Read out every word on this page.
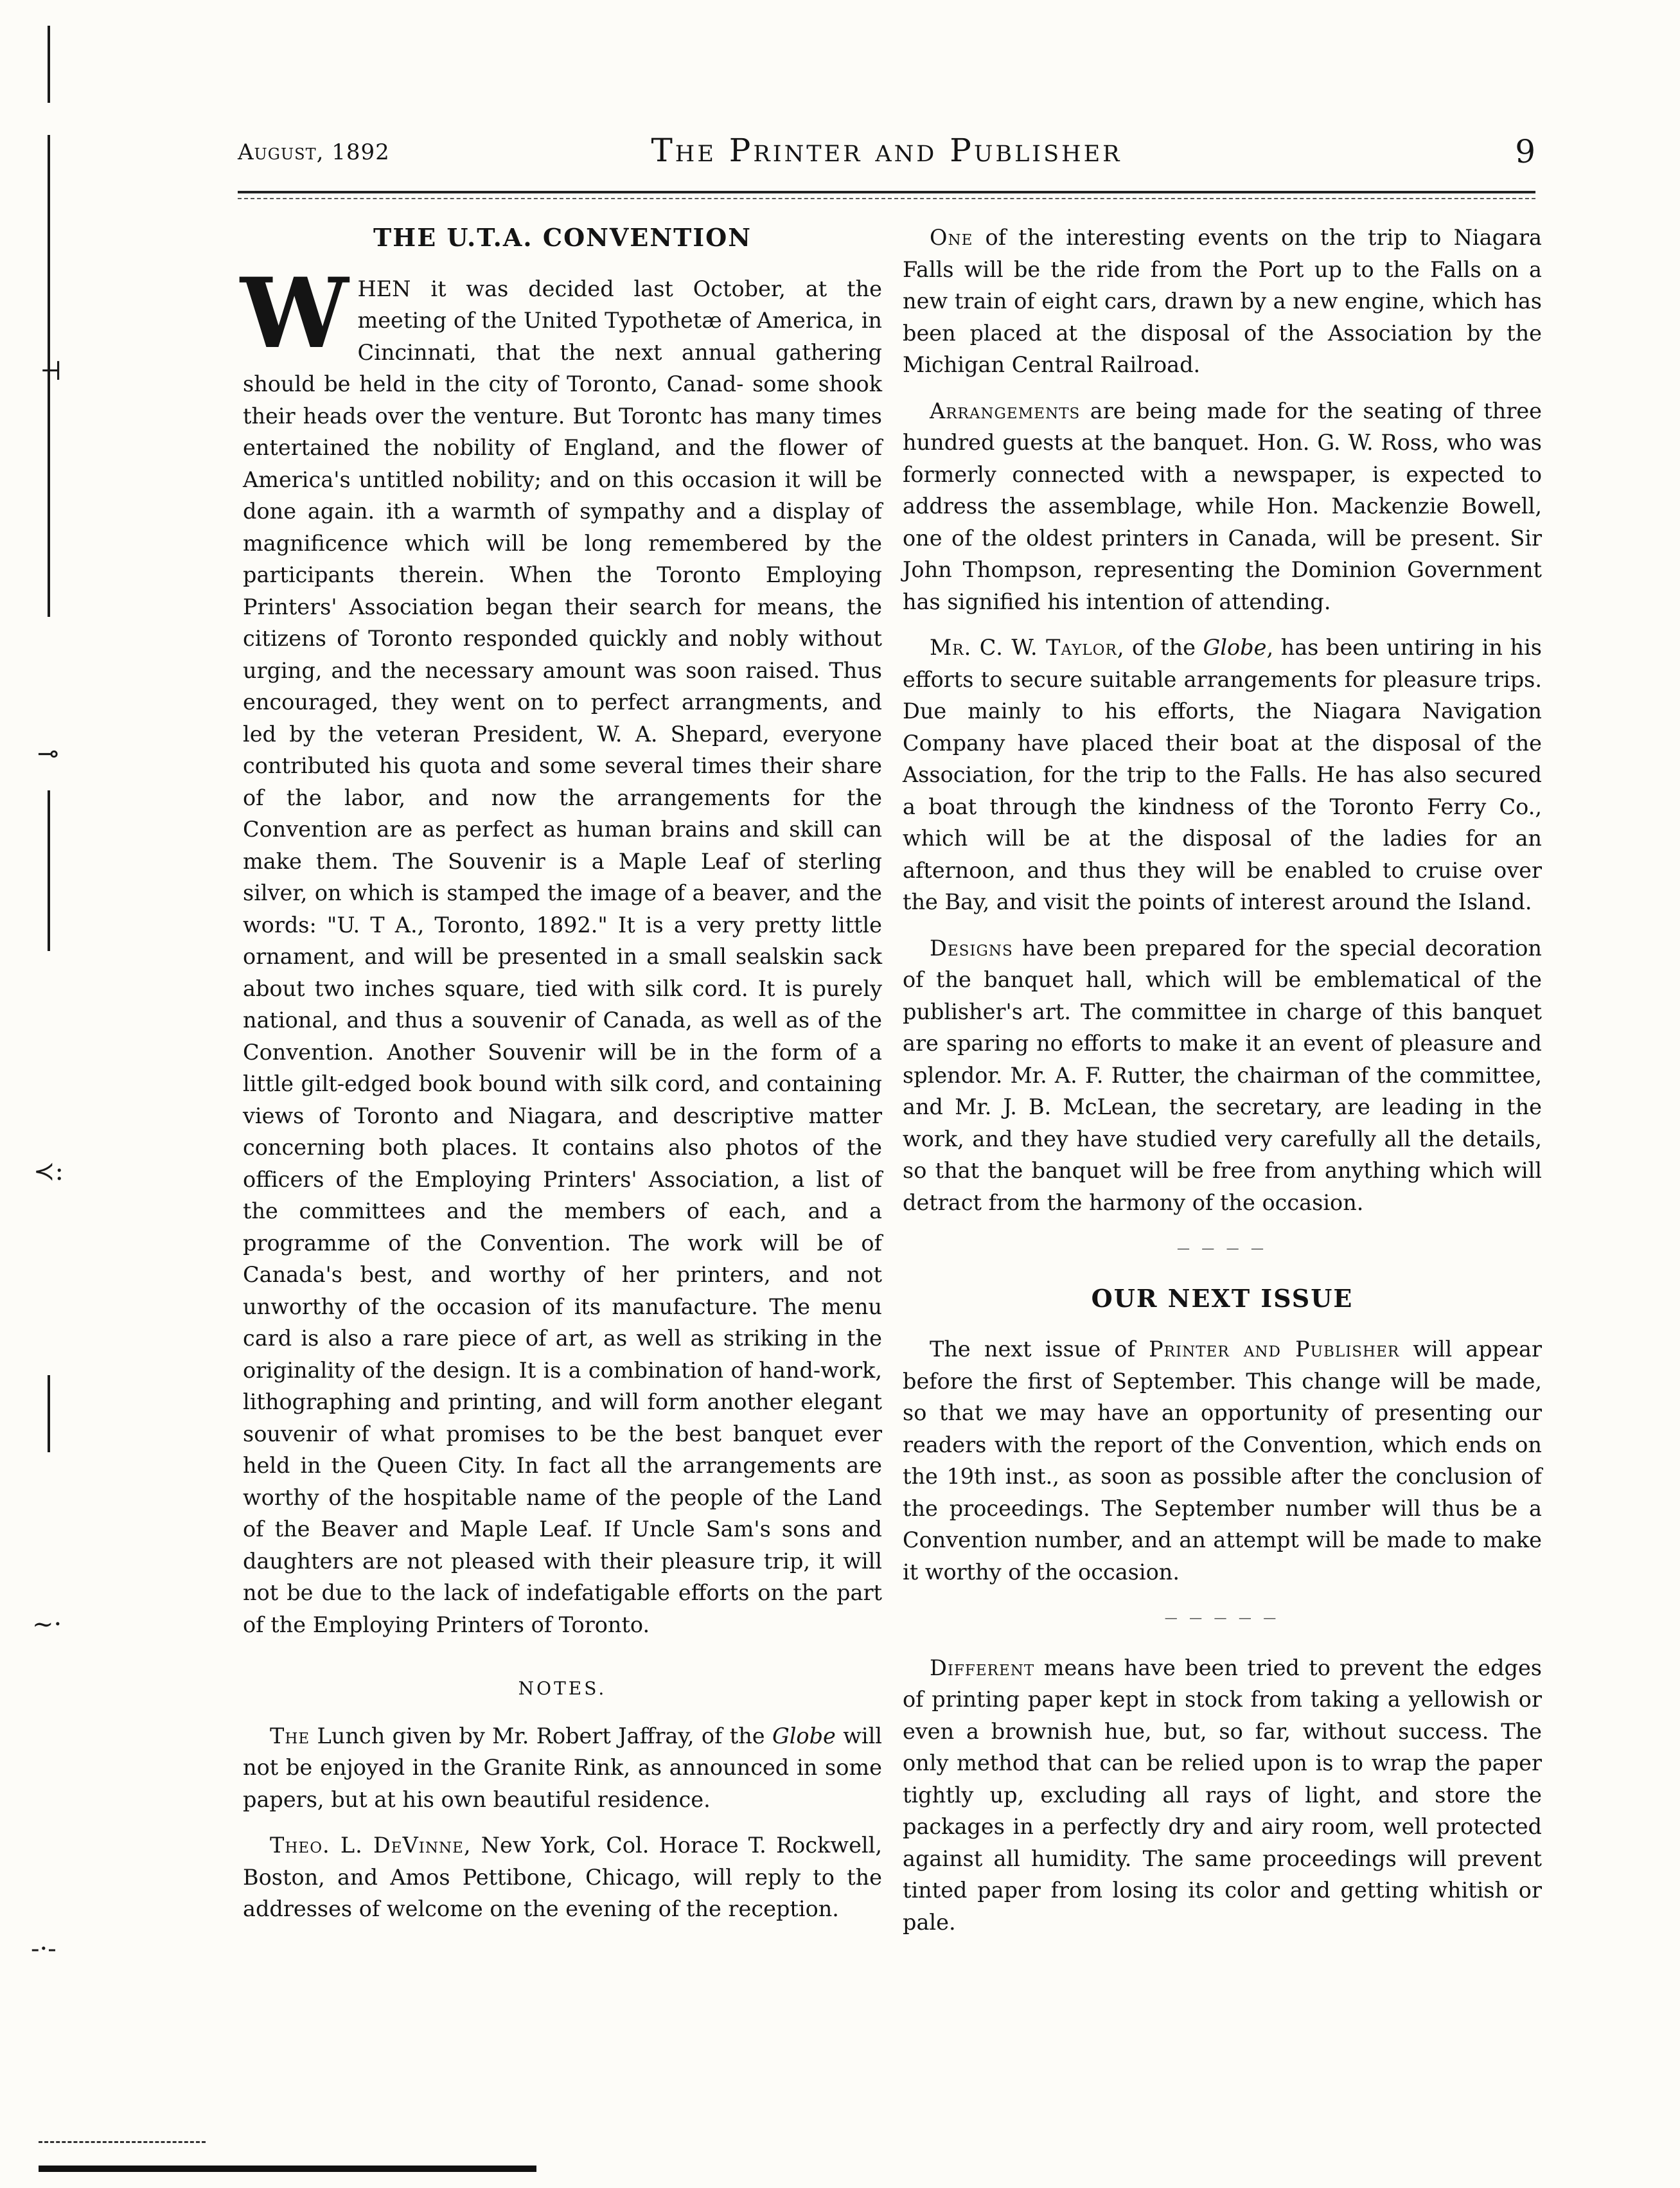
⊣
⊸
≺:
~·
-·-
August, 1892	The Printer and Publisher	9
THE U.T.A. CONVENTION

WHEN it was decided last October, at the meeting of the United Typothetæ of America, in Cincinnati, that the next annual gathering should be held in the city of Toronto, Canad- some shook their heads over the venture. But Torontc has many times entertained the nobility of England, and the flower of America's untitled nobility; and on this occasion it will be done again. ith a warmth of sympathy and a display of magnificence which will be long remembered by the participants therein. When the Toronto Employing Printers' Association began their search for means, the citizens of Toronto responded quickly and nobly without urging, and the necessary amount was soon raised. Thus encouraged, they went on to perfect arrangments, and led by the veteran President, W. A. Shepard, everyone contributed his quota and some several times their share of the labor, and now the arrangements for the Convention are as perfect as human brains and skill can make them. The Souvenir is a Maple Leaf of sterling silver, on which is stamped the image of a beaver, and the words: "U. T A., Toronto, 1892." It is a very pretty little ornament, and will be presented in a small sealskin sack about two inches square, tied with silk cord. It is purely national, and thus a souvenir of Canada, as well as of the Convention. Another Souvenir will be in the form of a little gilt-edged book bound with silk cord, and containing views of Toronto and Niagara, and descriptive matter concerning both places. It contains also photos of the officers of the Employing Printers' Association, a list of the committees and the members of each, and a programme of the Convention. The work will be of Canada's best, and worthy of her printers, and not unworthy of the occasion of its manufacture. The menu card is also a rare piece of art, as well as striking in the originality of the design. It is a combination of hand-work, lithographing and printing, and will form another elegant souvenir of what promises to be the best banquet ever held in the Queen City. In fact all the arrangements are worthy of the hospitable name of the people of the Land of the Beaver and Maple Leaf. If Uncle Sam's sons and daughters are not pleased with their pleasure trip, it will not be due to the lack of indefatigable efforts on the part of the Employing Printers of Toronto.

NOTES.

The Lunch given by Mr. Robert Jaffray, of the Globe will not be enjoyed in the Granite Rink, as announced in some papers, but at his own beautiful residence.

Theo. L. DeVinne, New York, Col. Horace T. Rockwell, Boston, and Amos Pettibone, Chicago, will reply to the addresses of welcome on the evening of the reception.

One of the interesting events on the trip to Niagara Falls will be the ride from the Port up to the Falls on a new train of eight cars, drawn by a new engine, which has been placed at the disposal of the Association by the Michigan Central Railroad.

Arrangements are being made for the seating of three hundred guests at the banquet. Hon. G. W. Ross, who was formerly connected with a newspaper, is expected to address the assemblage, while Hon. Mackenzie Bowell, one of the oldest printers in Canada, will be present. Sir John Thompson, representing the Dominion Government has signified his intention of attending.

Mr. C. W. Taylor, of the Globe, has been untiring in his efforts to secure suitable arrangements for pleasure trips. Due mainly to his efforts, the Niagara Navigation Company have placed their boat at the disposal of the Association, for the trip to the Falls. He has also secured a boat through the kindness of the Toronto Ferry Co., which will be at the disposal of the ladies for an afternoon, and thus they will be enabled to cruise over the Bay, and visit the points of interest around the Island.

Designs have been prepared for the special decoration of the banquet hall, which will be emblematical of the publisher's art. The committee in charge of this banquet are sparing no efforts to make it an event of pleasure and splendor. Mr. A. F. Rutter, the chairman of the committee, and Mr. J. B. McLean, the secretary, are leading in the work, and they have studied very carefully all the details, so that the banquet will be free from anything which will detract from the harmony of the occasion.

— — — —
OUR NEXT ISSUE

The next issue of Printer and Publisher will appear before the first of September. This change will be made, so that we may have an opportunity of presenting our readers with the report of the Convention, which ends on the 19th inst., as soon as possible after the conclusion of the proceedings. The September number will thus be a Convention number, and an attempt will be made to make it worthy of the occasion.

— — — — —

Different means have been tried to prevent the edges of printing paper kept in stock from taking a yellowish or even a brownish hue, but, so far, without success. The only method that can be relied upon is to wrap the paper tightly up, excluding all rays of light, and store the packages in a perfectly dry and airy room, well protected against all humidity. The same proceedings will prevent tinted paper from losing its color and getting whitish or pale.
